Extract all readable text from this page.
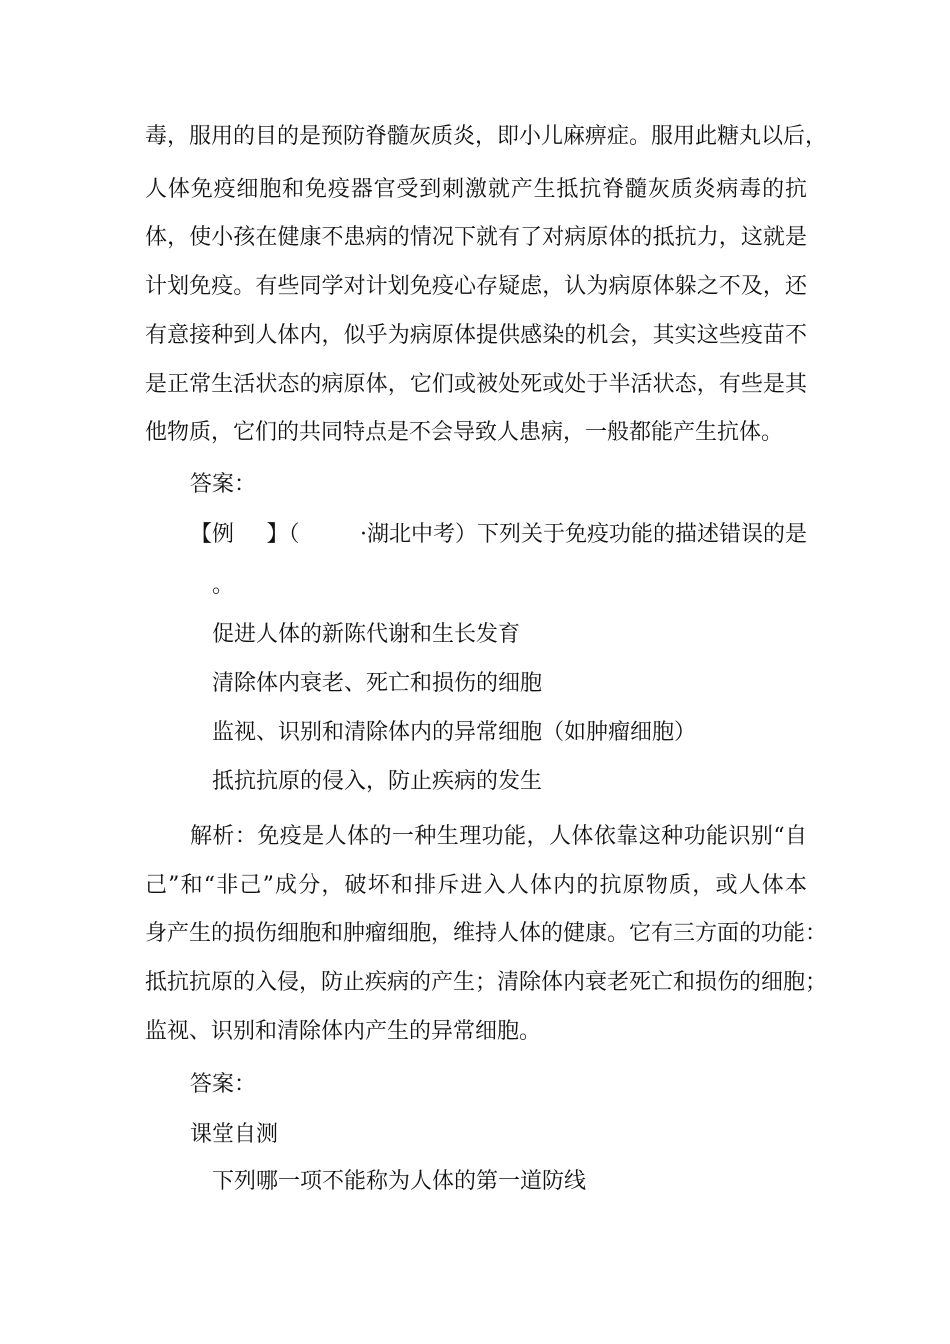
毒，服用的目的是预防脊髓灰质炎，即小儿麻痹症。服用此糖丸以后，
人体免疫细胞和免疫器官受到刺激就产生抵抗脊髓灰质炎病毒的抗
体，使小孩在健康不患病的情况下就有了对病原体的抵抗力，这就是
计划免疫。有些同学对计划免疫心存疑虑，认为病原体躲之不及，还
有意接种到人体内，似乎为病原体提供感染的机会，其实这些疫苗不
是正常生活状态的病原体，它们或被处死或处于半活状态，有些是其
他物质，它们的共同特点是不会导致人患病，一般都能产生抗体。
答案：
【例 】（	·湖北中考）下列关于免疫功能的描述错误的是
。
促进人体的新陈代谢和生长发育
清除体内衰老、死亡和损伤的细胞
监视、识别和清除体内的异常细胞（如肿瘤细胞）
抵抗抗原的侵入，防止疾病的发生
解析：免疫是人体的一种生理功能，人体依靠这种功能识别“自
己”和“非己”成分，破坏和排斥进入人体内的抗原物质，或人体本
身产生的损伤细胞和肿瘤细胞，维持人体的健康。它有三方面的功能：
抵抗抗原的入侵，防止疾病的产生；清除体内衰老死亡和损伤的细胞；
监视、识别和清除体内产生的异常细胞。
答案：
课堂自测
下列哪一项不能称为人体的第一道防线
